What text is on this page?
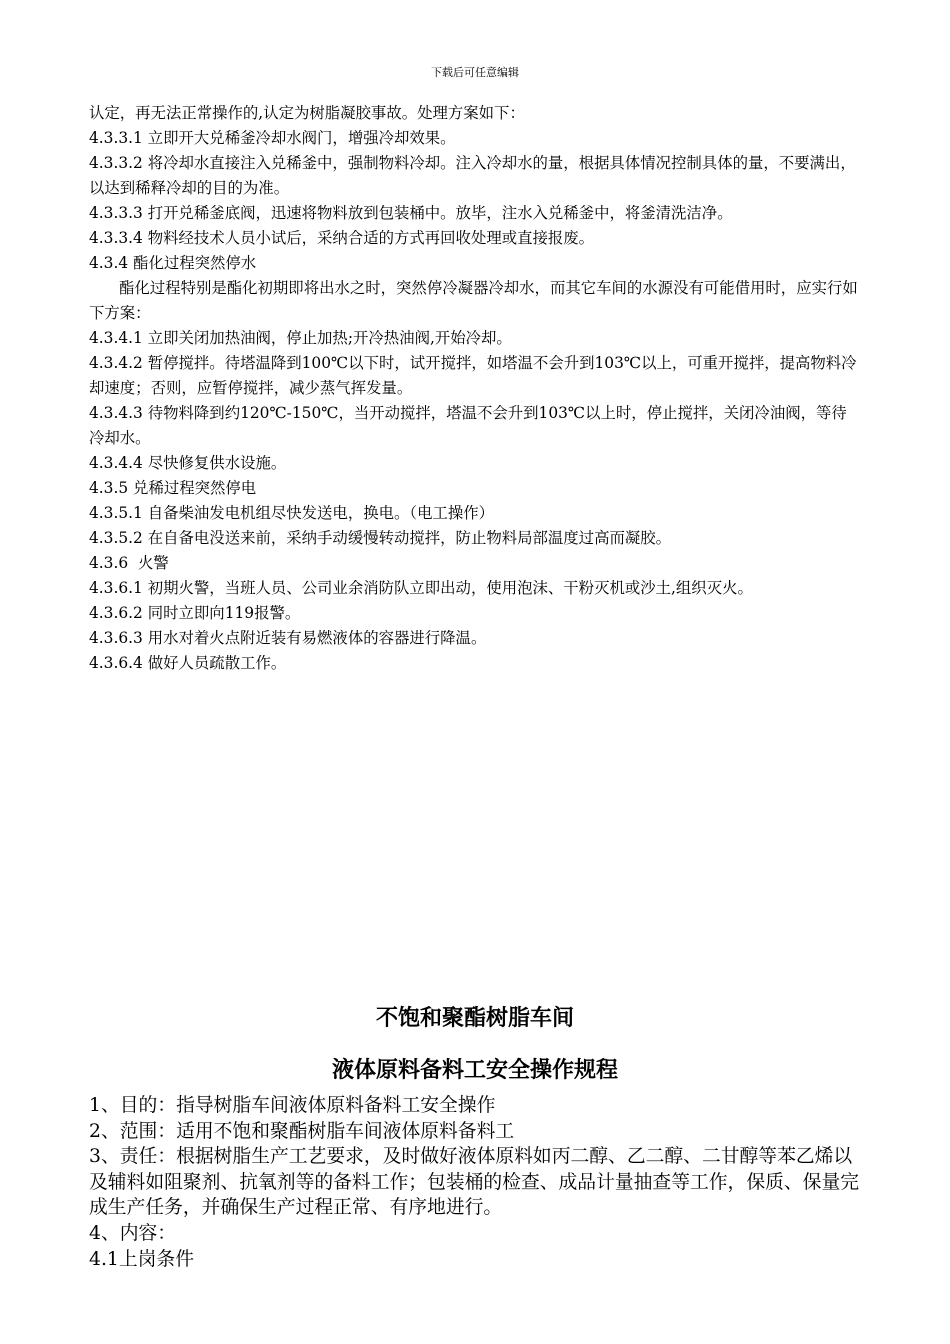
下载后可任意编辑

认定，再无法正常操作的,认定为树脂凝胶事故。处理方案如下：

4.3.3.1 立即开大兑稀釜冷却水阀门，增强冷却效果。

4.3.3.2 将冷却水直接注入兑稀釜中，强制物料冷却。注入冷却水的量，根据具体情况控制具体的量，不要满出，以达到稀释冷却的目的为准。

4.3.3.3 打开兑稀釜底阀，迅速将物料放到包装桶中。放毕，注水入兑稀釜中，将釜清洗洁净。

4.3.3.4 物料经技术人员小试后，采纳合适的方式再回收处理或直接报废。

4.3.4 酯化过程突然停水

酯化过程特别是酯化初期即将出水之时，突然停冷凝器冷却水，而其它车间的水源没有可能借用时，应实行如下方案：

4.3.4.1 立即关闭加热油阀，停止加热;开冷热油阀,开始冷却。

4.3.4.2 暂停搅拌。待塔温降到100℃以下时，试开搅拌，如塔温不会升到103℃以上，可重开搅拌，提高物料冷却速度；否则，应暂停搅拌，减少蒸气挥发量。

4.3.4.3 待物料降到约120℃-150℃，当开动搅拌，塔温不会升到103℃以上时，停止搅拌，关闭冷油阀，等待冷却水。

4.3.4.4 尽快修复供水设施。

4.3.5 兑稀过程突然停电

4.3.5.1 自备柴油发电机组尽快发送电，换电。（电工操作）

4.3.5.2 在自备电没送来前，采纳手动缓慢转动搅拌，防止物料局部温度过高而凝胶。

4.3.6  火警

4.3.6.1 初期火警，当班人员、公司业余消防队立即出动，使用泡沫、干粉灭机或沙土,组织灭火。

4.3.6.2 同时立即向119报警。

4.3.6.3 用水对着火点附近装有易燃液体的容器进行降温。

4.3.6.4 做好人员疏散工作。

不饱和聚酯树脂车间

液体原料备料工安全操作规程

1、目的：指导树脂车间液体原料备料工安全操作

2、范围：适用不饱和聚酯树脂车间液体原料备料工

3、责任：根据树脂生产工艺要求，及时做好液体原料如丙二醇、乙二醇、二甘醇等苯乙烯以及辅料如阻聚剂、抗氧剂等的备料工作；包装桶的检查、成品计量抽查等工作，保质、保量完成生产任务，并确保生产过程正常、有序地进行。

4、内容：

4.1上岗条件
